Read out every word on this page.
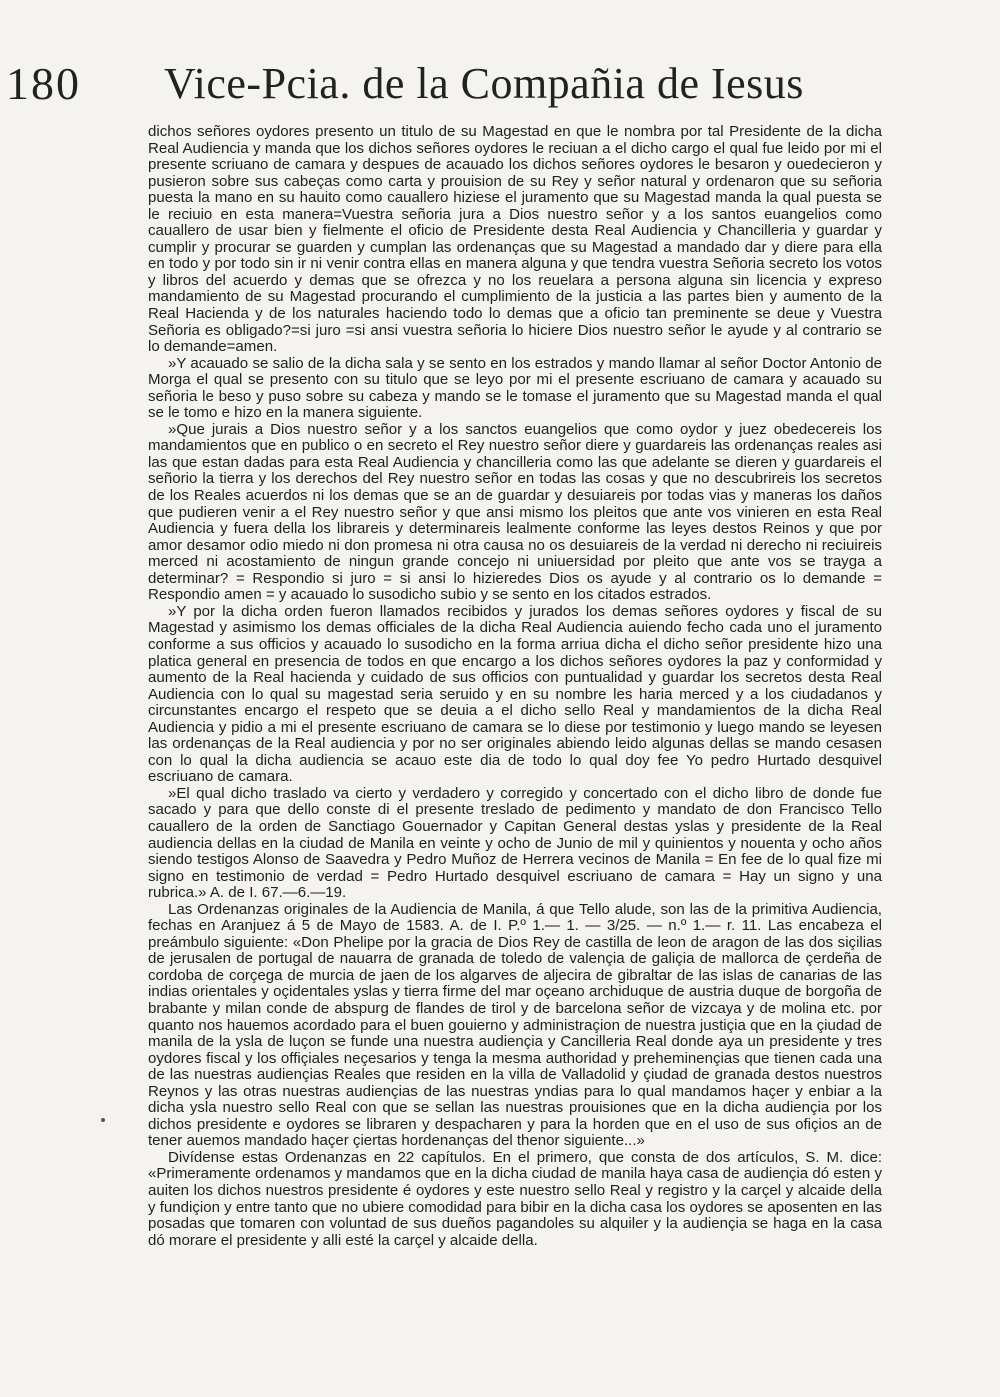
180 Vice-Pcia. de la Compañia de Iesus

dichos señores oydores presento un titulo de su Magestad en que le nombra por tal Presidente de la dicha Real Audiencia y manda que los dichos señores oydores le reciuan a el dicho cargo el qual fue leido por mi el presente scriuano de camara y despues de acauado los dichos señores oydores le besaron y ouedecieron y pusieron sobre sus cabeças como carta y prouision de su Rey y señor natural y ordenaron que su señoria puesta la mano en su hauito como cauallero hiziese el juramento que su Magestad manda la qual puesta se le reciuio en esta manera=Vuestra señoria jura a Dios nuestro señor y a los santos euangelios como cauallero de usar bien y fielmente el oficio de Presidente desta Real Audiencia y Chancilleria y guardar y cumplir y procurar se guarden y cumplan las ordenanças que su Magestad a mandado dar y diere para ella en todo y por todo sin ir ni venir contra ellas en manera alguna y que tendra vuestra Señoria secreto los votos y libros del acuerdo y demas que se ofrezca y no los reuelara a persona alguna sin licencia y expreso mandamiento de su Magestad procurando el cumplimiento de la justicia a las partes bien y aumento de la Real Hacienda y de los naturales haciendo todo lo demas que a oficio tan preminente se deue y Vuestra Señoria es obligado?=si juro =si ansi vuestra señoria lo hiciere Dios nuestro señor le ayude y al contrario se lo demande=amen.

»Y acauado se salio de la dicha sala y se sento en los estrados y mando llamar al señor Doctor Antonio de Morga el qual se presento con su titulo que se leyo por mi el presente escriuano de camara y acauado su señoria le beso y puso sobre su cabeza y mando se le tomase el juramento que su Magestad manda el qual se le tomo e hizo en la manera siguiente.

»Que jurais a Dios nuestro señor y a los sanctos euangelios que como oydor y juez obedecereis los mandamientos que en publico o en secreto el Rey nuestro señor diere y guardareis las ordenanças reales asi las que estan dadas para esta Real Audiencia y chancilleria como las que adelante se dieren y guardareis el señorio la tierra y los derechos del Rey nuestro señor en todas las cosas y que no descubrireis los secretos de los Reales acuerdos ni los demas que se an de guardar y desuiareis por todas vias y maneras los daños que pudieren venir a el Rey nuestro señor y que ansi mismo los pleitos que ante vos vinieren en esta Real Audiencia y fuera della los librareis y determinareis lealmente conforme las leyes destos Reinos y que por amor desamor odio miedo ni don promesa ni otra causa no os desuiareis de la verdad ni derecho ni reciuireis merced ni acostamiento de ningun grande concejo ni uniuersidad por pleito que ante vos se trayga a determinar? = Respondio si juro = si ansi lo hizieredes Dios os ayude y al contrario os lo demande = Respondio amen = y acauado lo susodicho subio y se sento en los citados estrados.

»Y por la dicha orden fueron llamados recibidos y jurados los demas señores oydores y fiscal de su Magestad y asimismo los demas officiales de la dicha Real Audiencia auiendo fecho cada uno el juramento conforme a sus officios y acauado lo susodicho en la forma arriua dicha el dicho señor presidente hizo una platica general en presencia de todos en que encargo a los dichos señores oydores la paz y conformidad y aumento de la Real hacienda y cuidado de sus officios con puntualidad y guardar los secretos desta Real Audiencia con lo qual su magestad seria seruido y en su nombre les haria merced y a los ciudadanos y circunstantes encargo el respeto que se deuia a el dicho sello Real y mandamientos de la dicha Real Audiencia y pidio a mi el presente escriuano de camara se lo diese por testimonio y luego mando se leyesen las ordenanças de la Real audiencia y por no ser originales abiendo leido algunas dellas se mando cesasen con lo qual la dicha audiencia se acauo este dia de todo lo qual doy fee Yo pedro Hurtado desquivel escriuano de camara.

»El qual dicho traslado va cierto y verdadero y corregido y concertado con el dicho libro de donde fue sacado y para que dello conste di el presente treslado de pedimento y mandato de don Francisco Tello cauallero de la orden de Sanctiago Gouernador y Capitan General destas yslas y presidente de la Real audiencia dellas en la ciudad de Manila en veinte y ocho de Junio de mil y quinientos y nouenta y ocho años siendo testigos Alonso de Saavedra y Pedro Muñoz de Herrera vecinos de Manila = En fee de lo qual fize mi signo en testimonio de verdad = Pedro Hurtado desquivel escriuano de camara = Hay un signo y una rubrica.» A. de I. 67.—6.—19.

Las Ordenanzas originales de la Audiencia de Manila, á que Tello alude, son las de la primitiva Audiencia, fechas en Aranjuez á 5 de Mayo de 1583. A. de I. P.º 1.— 1. — 3/25. — n.º 1.— r. 11. Las encabeza el preámbulo siguiente: «Don Phelipe por la gracia de Dios Rey de castilla de leon de aragon de las dos siçilias de jerusalen de portugal de nauarra de granada de toledo de valençia de galiçia de mallorca de çerdeña de cordoba de corçega de murcia de jaen de los algarves de aljecira de gibraltar de las islas de canarias de las indias orientales y oçidentales yslas y tierra firme del mar oçeano archiduque de austria duque de borgoña de brabante y milan conde de abspurg de flandes de tirol y de barcelona señor de vizcaya y de molina etc. por quanto nos hauemos acordado para el buen gouierno y administraçion de nuestra justiçia que en la çiudad de manila de la ysla de luçon se funde una nuestra audiençia y Cancilleria Real donde aya un presidente y tres oydores fiscal y los offiçiales neçesarios y tenga la mesma authoridad y preheminençias que tienen cada una de las nuestras audiençias Reales que residen en la villa de Valladolid y çiudad de granada destos nuestros Reynos y las otras nuestras audiençias de las nuestras yndias para lo qual mandamos haçer y enbiar a la dicha ysla nuestro sello Real con que se sellan las nuestras prouisiones que en la dicha audiençia por los dichos presidente e oydores se libraren y despacharen y para la horden que en el uso de sus ofiçios an de tener auemos mandado haçer çiertas hordenanças del thenor siguiente...»

Divídense estas Ordenanzas en 22 capítulos. En el primero, que consta de dos artículos, S. M. dice: «Primeramente ordenamos y mandamos que en la dicha ciudad de manila haya casa de audiençia dó esten y auiten los dichos nuestros presidente é oydores y este nuestro sello Real y registro y la carçel y alcaide della y fundiçion y entre tanto que no ubiere comodidad para bibir en la dicha casa los oydores se aposenten en las posadas que tomaren con voluntad de sus dueños pagandoles su alquiler y la audiençia se haga en la casa dó morare el presidente y alli esté la carçel y alcaide della.
